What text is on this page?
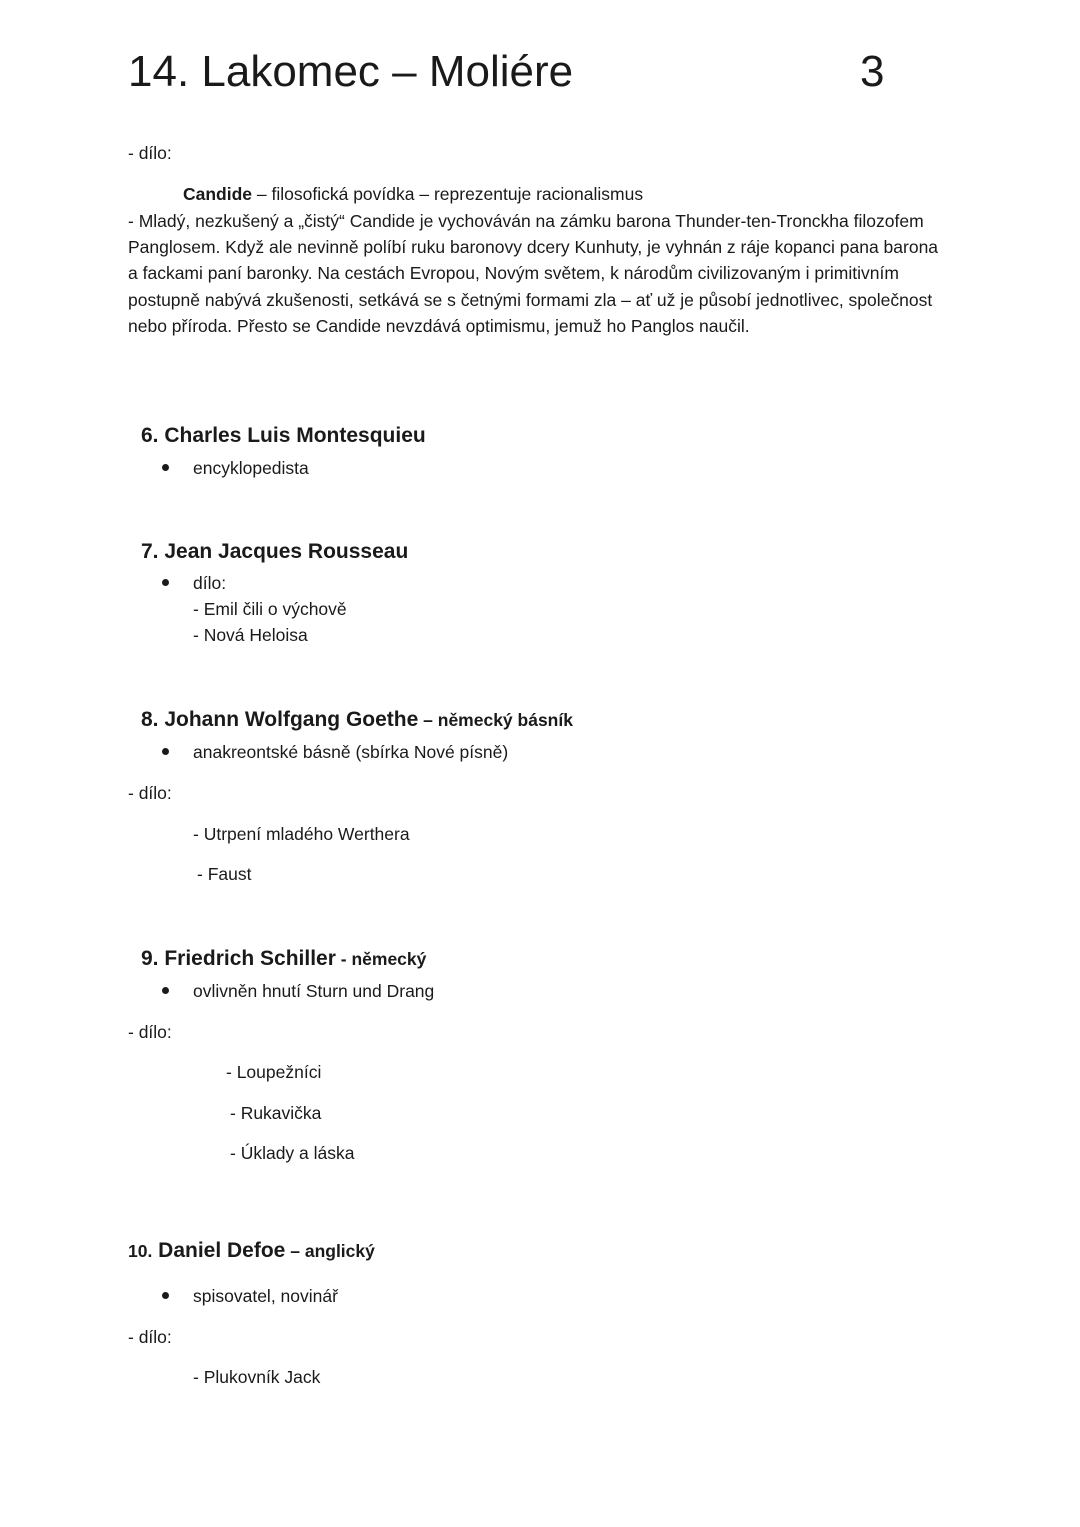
14. Lakomec – Moliére	3
- dílo:
Candide – filosofická povídka – reprezentuje racionalismus
- Mladý, nezkušený a „čistý“ Candide je vychováván na zámku barona Thunder-ten-Tronckha filozofem Panglosem. Když ale nevinně políbí ruku baronovy dcery Kunhuty, je vyhnán z ráje kopanci pana barona a fackami paní baronky. Na cestách Evropou, Novým světem, k národům civilizovaným i primitivním postupně nabývá zkušenosti, setkává se s četnými formami zla – ať už je působí jednotlivec, společnost nebo příroda. Přesto se Candide nevzdává optimismu, jemuž ho Panglos naučil.
6. Charles Luis Montesquieu
encyklopedista
7. Jean Jacques Rousseau
dílo:
- Emil čili o výchově
- Nová Heloisa
8. Johann Wolfgang Goethe – německý básník
anakreontské básně (sbírka Nové písně)
- dílo:
- Utrpení mladého Werthera
- Faust
9. Friedrich Schiller - německý
ovlivněn hnutí Sturn und Drang
- dílo:
- Loupežníci
- Rukavička
- Úklady a láska
10. Daniel Defoe – anglický
spisovatel, novinář
- dílo:
- Plukovník Jack
